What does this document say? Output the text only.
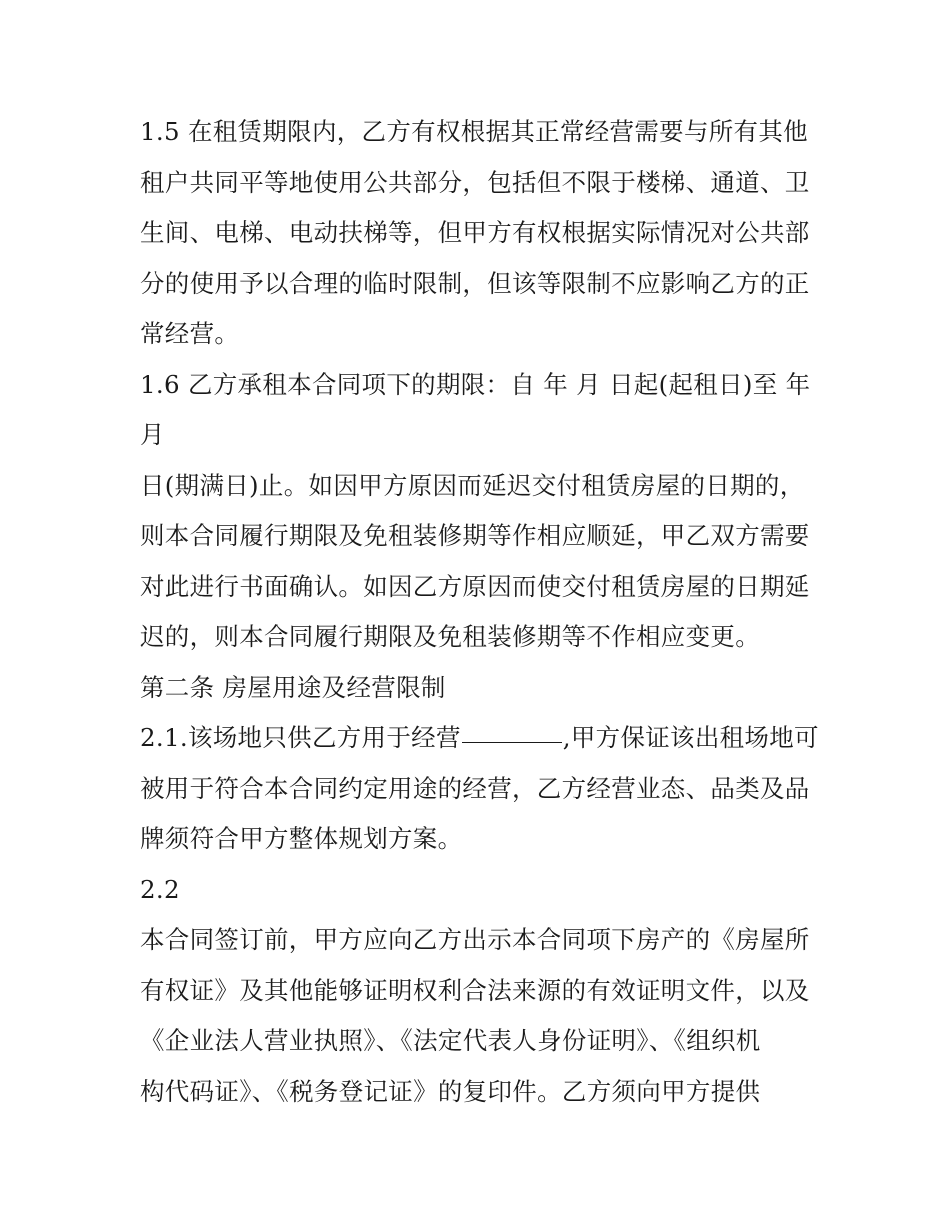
1.5 在租赁期限内，乙方有权根据其正常经营需要与所有其他
租户共同平等地使用公共部分，包括但不限于楼梯、通道、卫
生间、电梯、电动扶梯等，但甲方有权根据实际情况对公共部
分的使用予以合理的临时限制，但该等限制不应影响乙方的正
常经营。
1.6 乙方承租本合同项下的期限：自 年 月 日起(起租日)至 年
月
日(期满日)止。如因甲方原因而延迟交付租赁房屋的日期的，
则本合同履行期限及免租装修期等作相应顺延，甲乙双方需要
对此进行书面确认。如因乙方原因而使交付租赁房屋的日期延
迟的，则本合同履行期限及免租装修期等不作相应变更。
第二条 房屋用途及经营限制
2.1.该场地只供乙方用于经营	,甲方保证该出租场地可
被用于符合本合同约定用途的经营，乙方经营业态、品类及品
牌须符合甲方整体规划方案。
2.2
本合同签订前，甲方应向乙方出示本合同项下房产的《房屋所
有权证》及其他能够证明权利合法来源的有效证明文件，以及
《企业法人营业执照》、《法定代表人身份证明》、《组织机
构代码证》、《税务登记证》的复印件。乙方须向甲方提供
